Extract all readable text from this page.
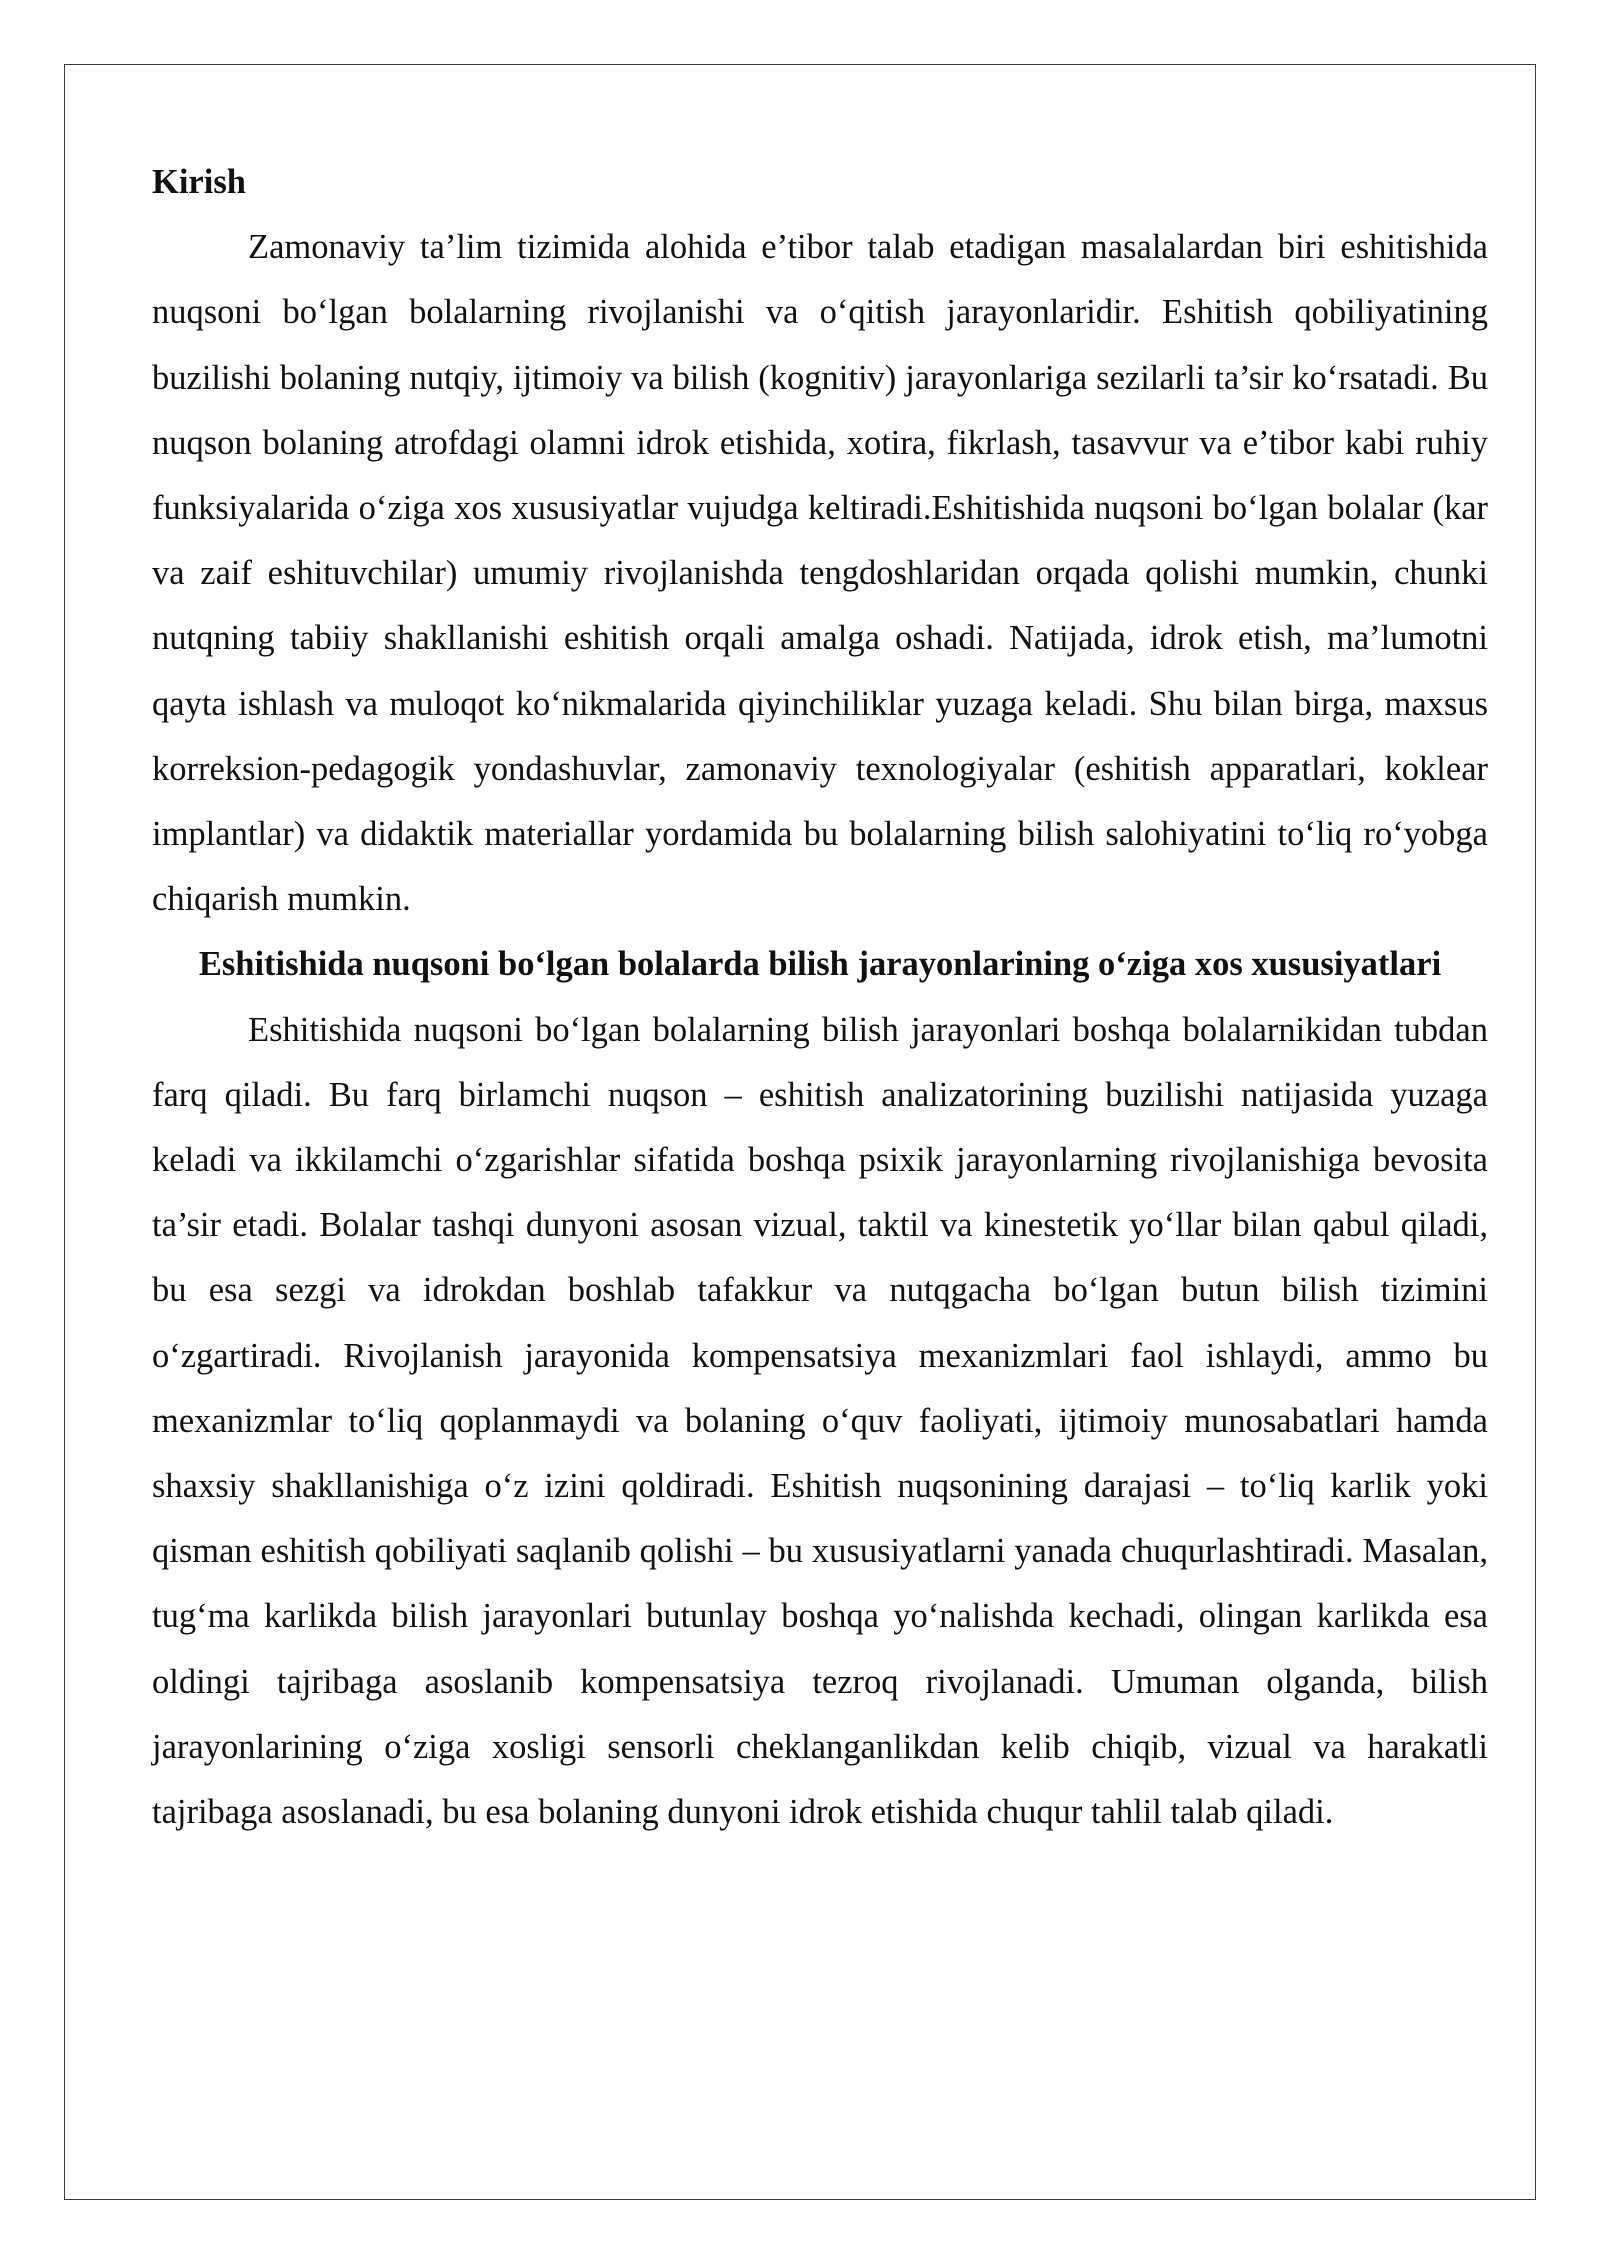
Kirish

Zamonaviy ta’lim tizimida alohida e’tibor talab etadigan masalalardan biri eshitishida nuqsoni bo‘lgan bolalarning rivojlanishi va o‘qitish jarayonlaridir. Eshitish qobiliyatining buzilishi bolaning nutqiy, ijtimoiy va bilish (kognitiv) jarayonlariga sezilarli ta’sir ko‘rsatadi. Bu nuqson bolaning atrofdagi olamni idrok etishida, xotira, fikrlash, tasavvur va e’tibor kabi ruhiy funksiyalarida o‘ziga xos xususiyatlar vujudga keltiradi.Eshitishida nuqsoni bo‘lgan bolalar (kar va zaif eshituvchilar) umumiy rivojlanishda tengdoshlaridan orqada qolishi mumkin, chunki nutqning tabiiy shakllanishi eshitish orqali amalga oshadi. Natijada, idrok etish, ma’lumotni qayta ishlash va muloqot ko‘nikmalarida qiyinchiliklar yuzaga keladi. Shu bilan birga, maxsus korreksion-pedagogik yondashuvlar, zamonaviy texnologiyalar (eshitish apparatlari, koklear implantlar) va didaktik materiallar yordamida bu bolalarning bilish salohiyatini to‘liq ro‘yobga chiqarish mumkin.

Eshitishida nuqsoni bo‘lgan bolalarda bilish jarayonlarining o‘ziga xos xususiyatlari

Eshitishida nuqsoni bo‘lgan bolalarning bilish jarayonlari boshqa bolalarnikidan tubdan farq qiladi. Bu farq birlamchi nuqson – eshitish analizatorining buzilishi natijasida yuzaga keladi va ikkilamchi o‘zgarishlar sifatida boshqa psixik jarayonlarning rivojlanishiga bevosita ta’sir etadi. Bolalar tashqi dunyoni asosan vizual, taktil va kinestetik yo‘llar bilan qabul qiladi, bu esa sezgi va idrokdan boshlab tafakkur va nutqgacha bo‘lgan butun bilish tizimini o‘zgartiradi. Rivojlanish jarayonida kompensatsiya mexanizmlari faol ishlaydi, ammo bu mexanizmlar to‘liq qoplanmaydi va bolaning o‘quv faoliyati, ijtimoiy munosabatlari hamda shaxsiy shakllanishiga o‘z izini qoldiradi. Eshitish nuqsonining darajasi – to‘liq karlik yoki qisman eshitish qobiliyati saqlanib qolishi – bu xususiyatlarni yanada chuqurlashtiradi. Masalan, tug‘ma karlikda bilish jarayonlari butunlay boshqa yo‘nalishda kechadi, olingan karlikda esa oldingi tajribaga asoslanib kompensatsiya tezroq rivojlanadi. Umuman olganda, bilish jarayonlarining o‘ziga xosligi sensorli cheklanganlikdan kelib chiqib, vizual va harakatli tajribaga asoslanadi, bu esa bolaning dunyoni idrok etishida chuqur tahlil talab qiladi.
